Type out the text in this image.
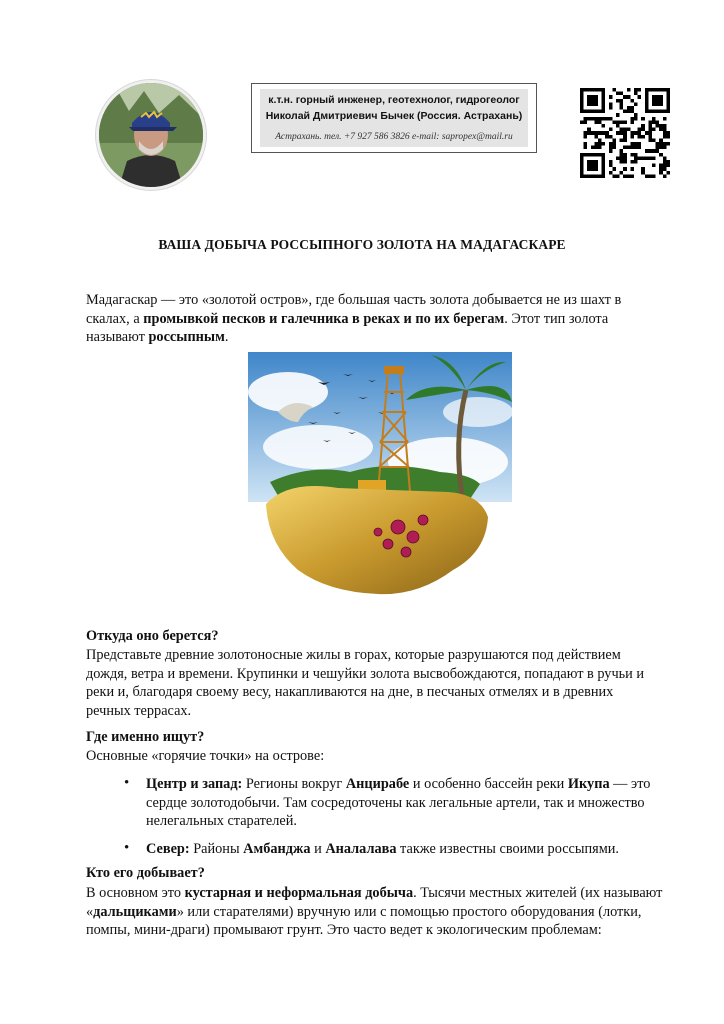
к.т.н. горный инженер, геотехнолог, гидрогеолог
Николай Дмитриевич Бычек (Россия. Астрахань)
Астрахань. тел. +7 927 586 3826 e-mail: sapropex@mail.ru
ВАША ДОБЫЧА РОССЫПНОГО ЗОЛОТА НА МАДАГАСКАРЕ
Мадагаскар — это «золотой остров», где большая часть золота добывается не из шахт в скалах, а промывкой песков и галечника в реках и по их берегам. Этот тип золота называют россыпным.
Откуда оно берется?
Представьте древние золотоносные жилы в горах, которые разрушаются под действием дождя, ветра и времени. Крупинки и чешуйки золота высвобождаются, попадают в ручьи и реки и, благодаря своему весу, накапливаются на дне, в песчаных отмелях и в древних речных террасах.
Где именно ищут?
Основные «горячие точки» на острове:
• Центр и запад: Регионы вокруг Анцирабе и особенно бассейн реки Икупа — это сердце золотодобычи. Там сосредоточены как легальные артели, так и множество нелегальных старателей.
• Север: Районы Амбанджа и Аналалава также известны своими россыпями.
Кто его добывает?
В основном это кустарная и неформальная добыча. Тысячи местных жителей (их называют «дальщиками» или старателями) вручную или с помощью простого оборудования (лотки, помпы, мини-драги) промывают грунт. Это часто ведет к экологическим проблемам:
